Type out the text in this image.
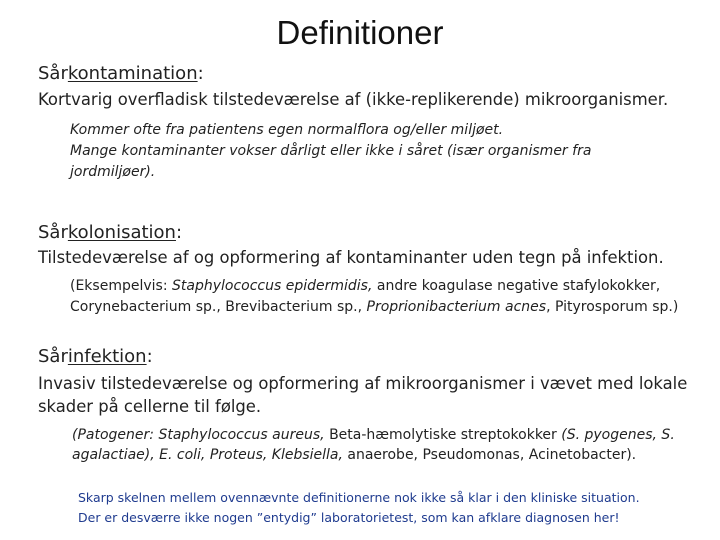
Definitioner
Sårkontamination:
Kortvarig overfladisk tilstedeværelse af (ikke-replikerende) mikroorganismer.
Kommer ofte fra patientens egen normalflora og/eller miljøet.
Mange kontaminanter vokser dårligt eller ikke i såret (især organismer fra
jordmiljøer).
Sårkolonisation:
Tilstedeværelse af og opformering af kontaminanter uden tegn på infektion.
(Eksempelvis: Staphylococcus epidermidis, andre koagulase negative stafylokokker,
Corynebacterium sp., Brevibacterium sp., Proprionibacterium acnes, Pityrosporum sp.)
Sårinfektion:
Invasiv tilstedeværelse og opformering af mikroorganismer i vævet med lokale
skader på cellerne til følge.
(Patogener: Staphylococcus aureus, Beta-hæmolytiske streptokokker (S. pyogenes, S.
agalactiae), E. coli, Proteus, Klebsiella, anaerobe, Pseudomonas, Acinetobacter).
Skarp skelnen mellem ovennævnte definitionerne nok ikke så klar i den kliniske situation.
Der er desværre ikke nogen ”entydig” laboratorietest, som kan afklare diagnosen her!
